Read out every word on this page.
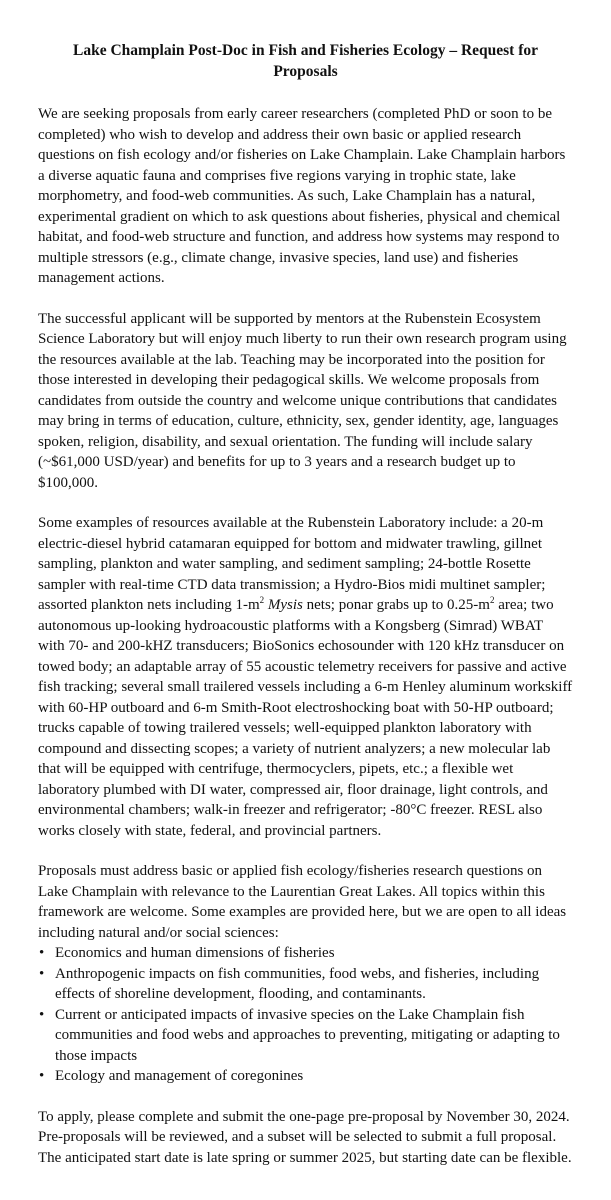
Lake Champlain Post-Doc in Fish and Fisheries Ecology – Request for Proposals

We are seeking proposals from early career researchers (completed PhD or soon to be completed) who wish to develop and address their own basic or applied research questions on fish ecology and/or fisheries on Lake Champlain. Lake Champlain harbors a diverse aquatic fauna and comprises five regions varying in trophic state, lake morphometry, and food-web communities. As such, Lake Champlain has a natural, experimental gradient on which to ask questions about fisheries, physical and chemical habitat, and food-web structure and function, and address how systems may respond to multiple stressors (e.g., climate change, invasive species, land use) and fisheries management actions.

The successful applicant will be supported by mentors at the Rubenstein Ecosystem Science Laboratory but will enjoy much liberty to run their own research program using the resources available at the lab. Teaching may be incorporated into the position for those interested in developing their pedagogical skills. We welcome proposals from candidates from outside the country and welcome unique contributions that candidates may bring in terms of education, culture, ethnicity, sex, gender identity, age, languages spoken, religion, disability, and sexual orientation. The funding will include salary (~$61,000 USD/year) and benefits for up to 3 years and a research budget up to $100,000.

Some examples of resources available at the Rubenstein Laboratory include: a 20-m electric-diesel hybrid catamaran equipped for bottom and midwater trawling, gillnet sampling, plankton and water sampling, and sediment sampling; 24-bottle Rosette sampler with real-time CTD data transmission; a Hydro-Bios midi multinet sampler; assorted plankton nets including $1-m^2$ Mysis nets; ponar grabs up to $0.25-m^2$ area; two autonomous up-looking hydroacoustic platforms with a Kongsberg (Simrad) WBAT with 70- and 200-kHZ transducers; BioSonics echosounder with 120 kHz transducer on towed body; an adaptable array of 55 acoustic telemetry receivers for passive and active fish tracking; several small trailered vessels including a 6-m Henley aluminum workskiff with 60-HP outboard and 6-m Smith-Root electroshocking boat with 50-HP outboard; trucks capable of towing trailered vessels; well-equipped plankton laboratory with compound and dissecting scopes; a variety of nutrient analyzers; a new molecular lab that will be equipped with centrifuge, thermocyclers, pipets, etc.; a flexible wet laboratory plumbed with DI water, compressed air, floor drainage, light controls, and environmental chambers; walk-in freezer and refrigerator; -80°C freezer. RESL also works closely with state, federal, and provincial partners.

Proposals must address basic or applied fish ecology/fisheries research questions on Lake Champlain with relevance to the Laurentian Great Lakes. All topics within this framework are welcome. Some examples are provided here, but we are open to all ideas including natural and/or social sciences:

• Economics and human dimensions of fisheries
• Anthropogenic impacts on fish communities, food webs, and fisheries, including effects of shoreline development, flooding, and contaminants.
• Current or anticipated impacts of invasive species on the Lake Champlain fish communities and food webs and approaches to preventing, mitigating or adapting to those impacts
• Ecology and management of coregonines

To apply, please complete and submit the one-page pre-proposal by November 30, 2024. Pre-proposals will be reviewed, and a subset will be selected to submit a full proposal. The anticipated start date is late spring or summer 2025, but starting date can be flexible.
